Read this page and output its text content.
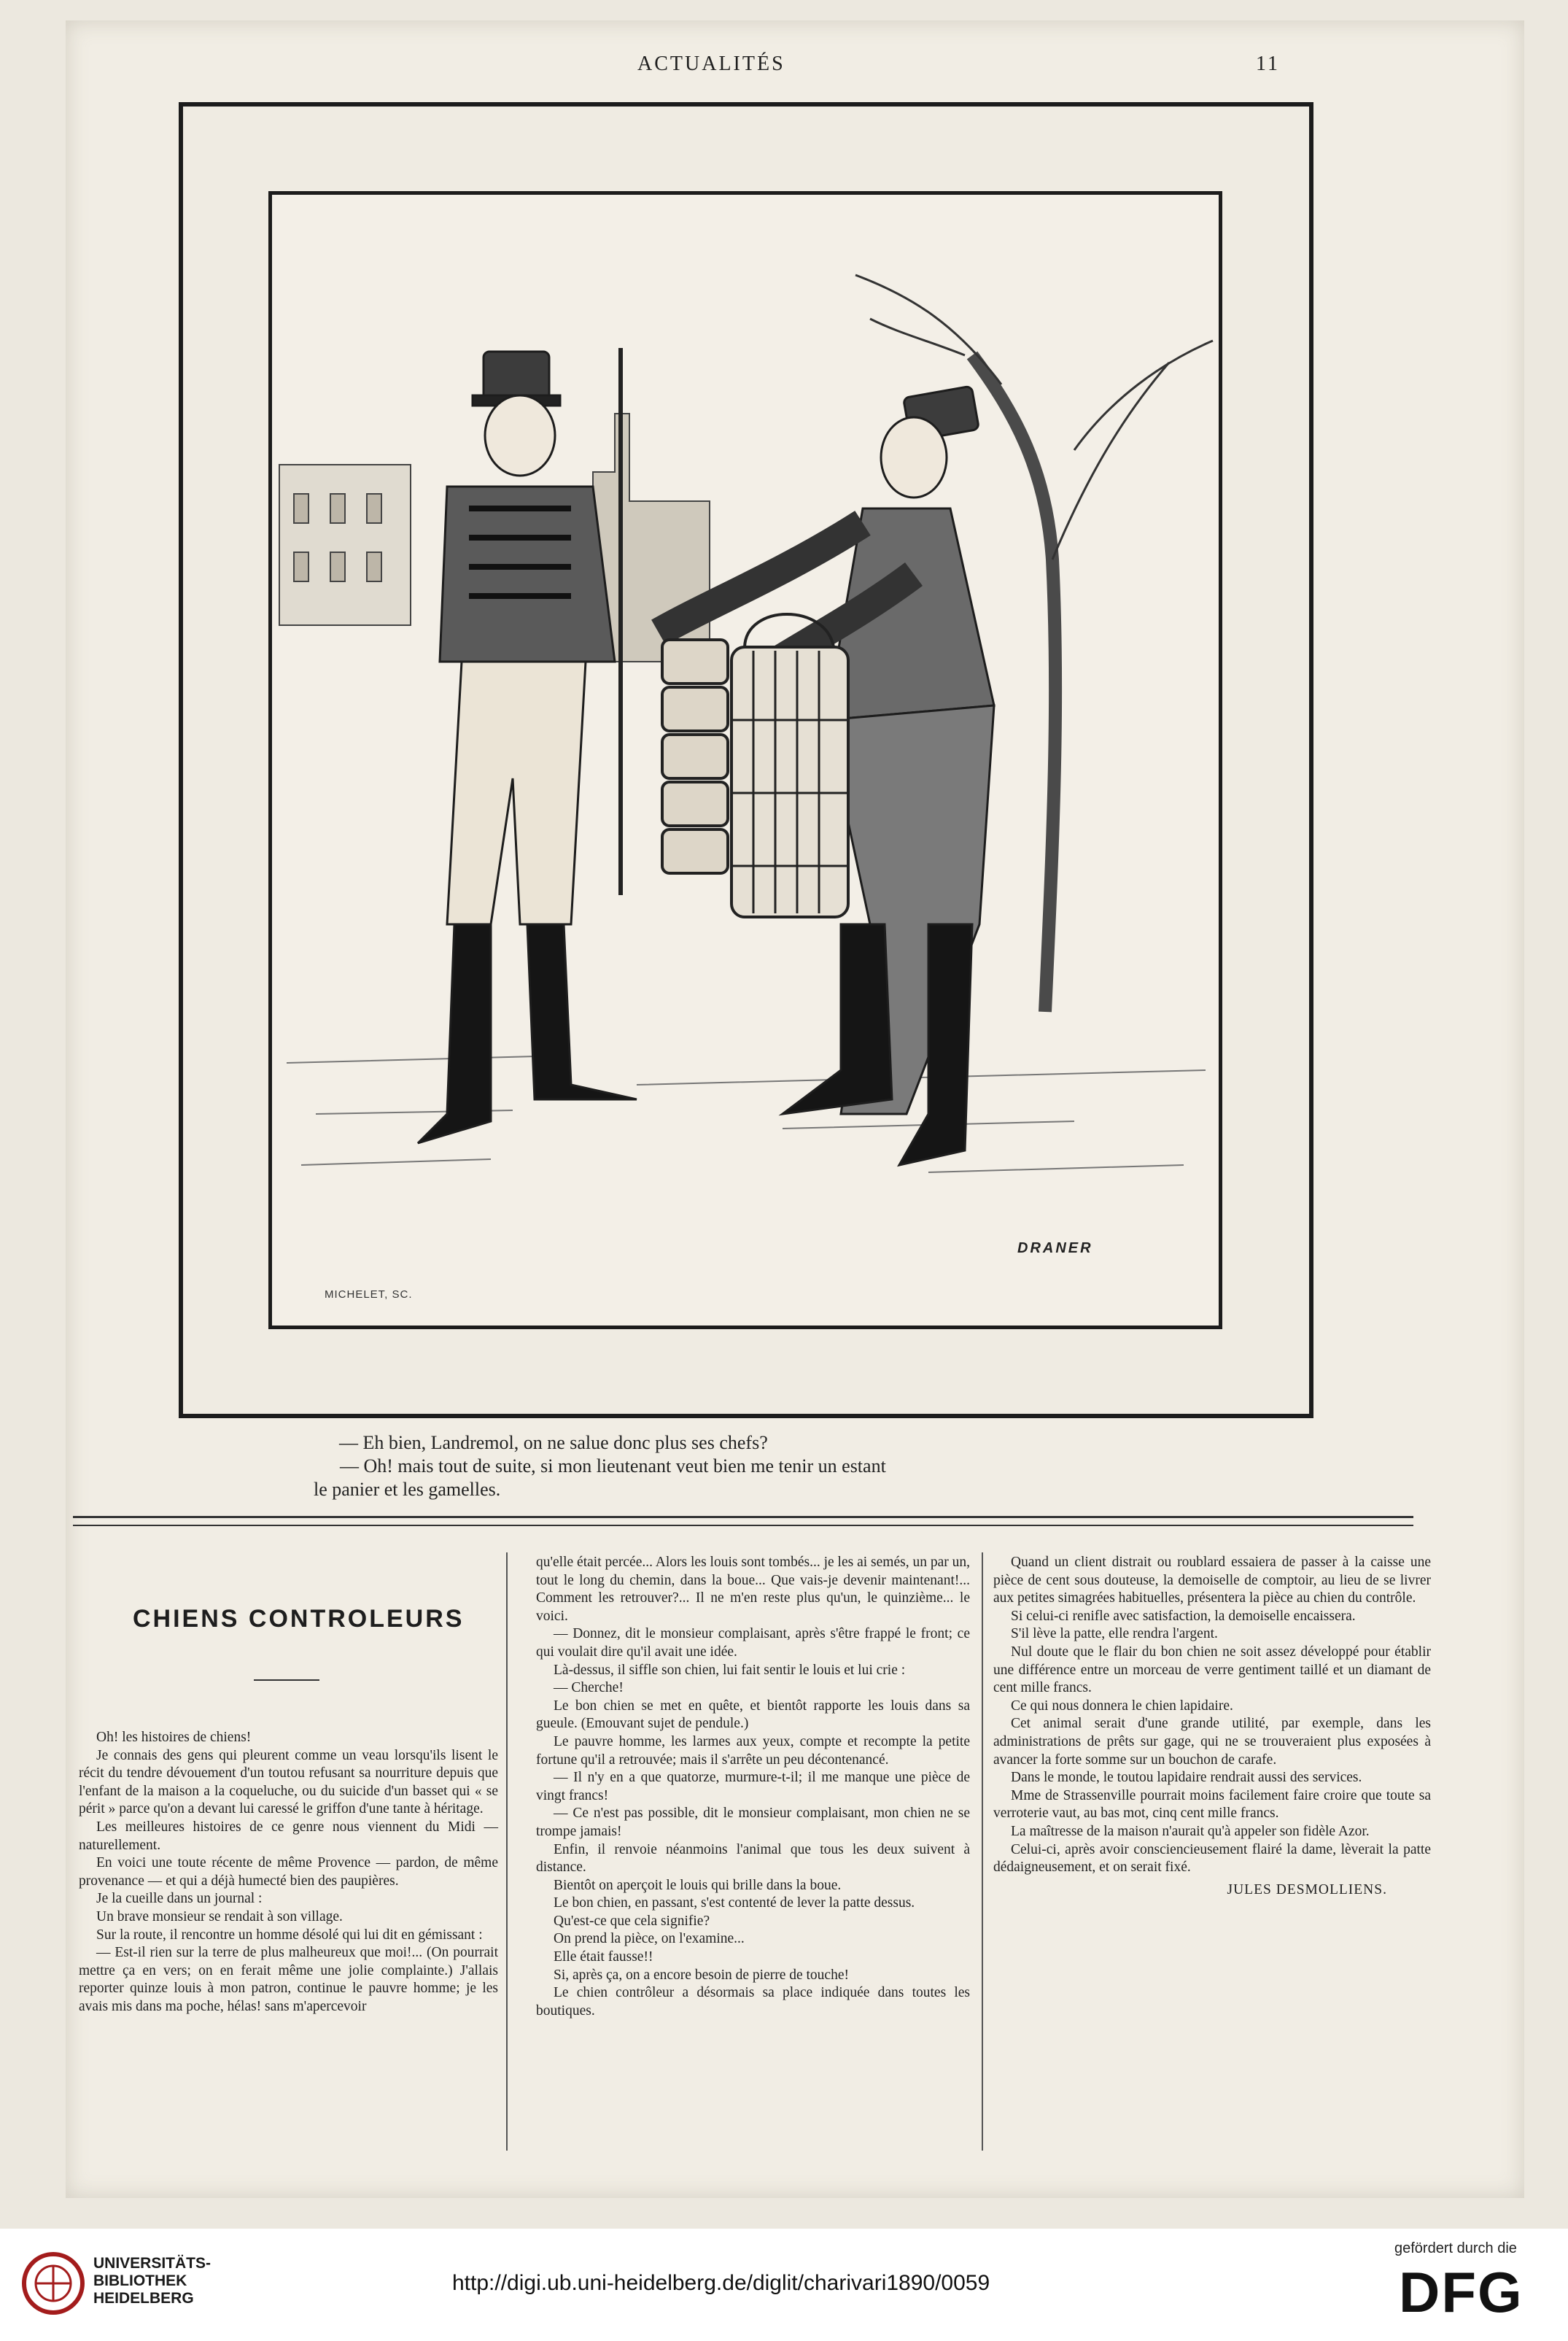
ACTUALITÉS	11
MICHELET, SC.
DRANER
— Eh bien, Landremol, on ne salue donc plus ses chefs?
— Oh! mais tout de suite, si mon lieutenant veut bien me tenir un estant
le panier et les gamelles.
CHIENS CONTROLEURS

Oh! les histoires de chiens!

Je connais des gens qui pleurent comme un veau lorsqu'ils lisent le récit du tendre dévouement d'un toutou refusant sa nourriture depuis que l'enfant de la maison a la coqueluche, ou du suicide d'un basset qui « se périt » parce qu'on a devant lui caressé le griffon d'une tante à héritage.

Les meilleures histoires de ce genre nous viennent du Midi — naturellement.

En voici une toute récente de même Provence — pardon, de même provenance — et qui a déjà humecté bien des paupières.

Je la cueille dans un journal :

Un brave monsieur se rendait à son village.

Sur la route, il rencontre un homme désolé qui lui dit en gémissant :

— Est-il rien sur la terre de plus malheureux que moi!... (On pourrait mettre ça en vers; on en ferait même une jolie complainte.) J'allais reporter quinze louis à mon patron, continue le pauvre homme; je les avais mis dans ma poche, hélas! sans m'apercevoir

qu'elle était percée... Alors les louis sont tombés... je les ai semés, un par un, tout le long du chemin, dans la boue... Que vais-je devenir maintenant!... Comment les retrouver?... Il ne m'en reste plus qu'un, le quinzième... le voici.

— Donnez, dit le monsieur complaisant, après s'être frappé le front; ce qui voulait dire qu'il avait une idée.

Là-dessus, il siffle son chien, lui fait sentir le louis et lui crie :

— Cherche!

Le bon chien se met en quête, et bientôt rapporte les louis dans sa gueule. (Emouvant sujet de pendule.)

Le pauvre homme, les larmes aux yeux, compte et recompte la petite fortune qu'il a retrouvée; mais il s'arrête un peu décontenancé.

— Il n'y en a que quatorze, murmure-t-il; il me manque une pièce de vingt francs!

— Ce n'est pas possible, dit le monsieur complaisant, mon chien ne se trompe jamais!

Enfin, il renvoie néanmoins l'animal que tous les deux suivent à distance.

Bientôt on aperçoit le louis qui brille dans la boue.

Le bon chien, en passant, s'est contenté de lever la patte dessus.

Qu'est-ce que cela signifie?

On prend la pièce, on l'examine...

Elle était fausse!!

Si, après ça, on a encore besoin de pierre de touche!

Le chien contrôleur a désormais sa place indiquée dans toutes les boutiques.

Quand un client distrait ou roublard essaiera de passer à la caisse une pièce de cent sous douteuse, la demoiselle de comptoir, au lieu de se livrer aux petites simagrées habituelles, présentera la pièce au chien du contrôle.

Si celui-ci renifle avec satisfaction, la demoiselle encaissera.

S'il lève la patte, elle rendra l'argent.

Nul doute que le flair du bon chien ne soit assez développé pour établir une différence entre un morceau de verre gentiment taillé et un diamant de cent mille francs.

Ce qui nous donnera le chien lapidaire.

Cet animal serait d'une grande utilité, par exemple, dans les administrations de prêts sur gage, qui ne se trouveraient plus exposées à avancer la forte somme sur un bouchon de carafe.

Dans le monde, le toutou lapidaire rendrait aussi des services.

Mme de Strassenville pourrait moins facilement faire croire que toute sa verroterie vaut, au bas mot, cinq cent mille francs.

La maîtresse de la maison n'aurait qu'à appeler son fidèle Azor.

Celui-ci, après avoir consciencieusement flairé la dame, lèverait la patte dédaigneusement, et on serait fixé.

JULES DESMOLLIENS.
UNIVERSITÄTS-
BIBLIOTHEK
HEIDELBERG
http://digi.ub.uni-heidelberg.de/diglit/charivari1890/0059
gefördert durch die
DFG
